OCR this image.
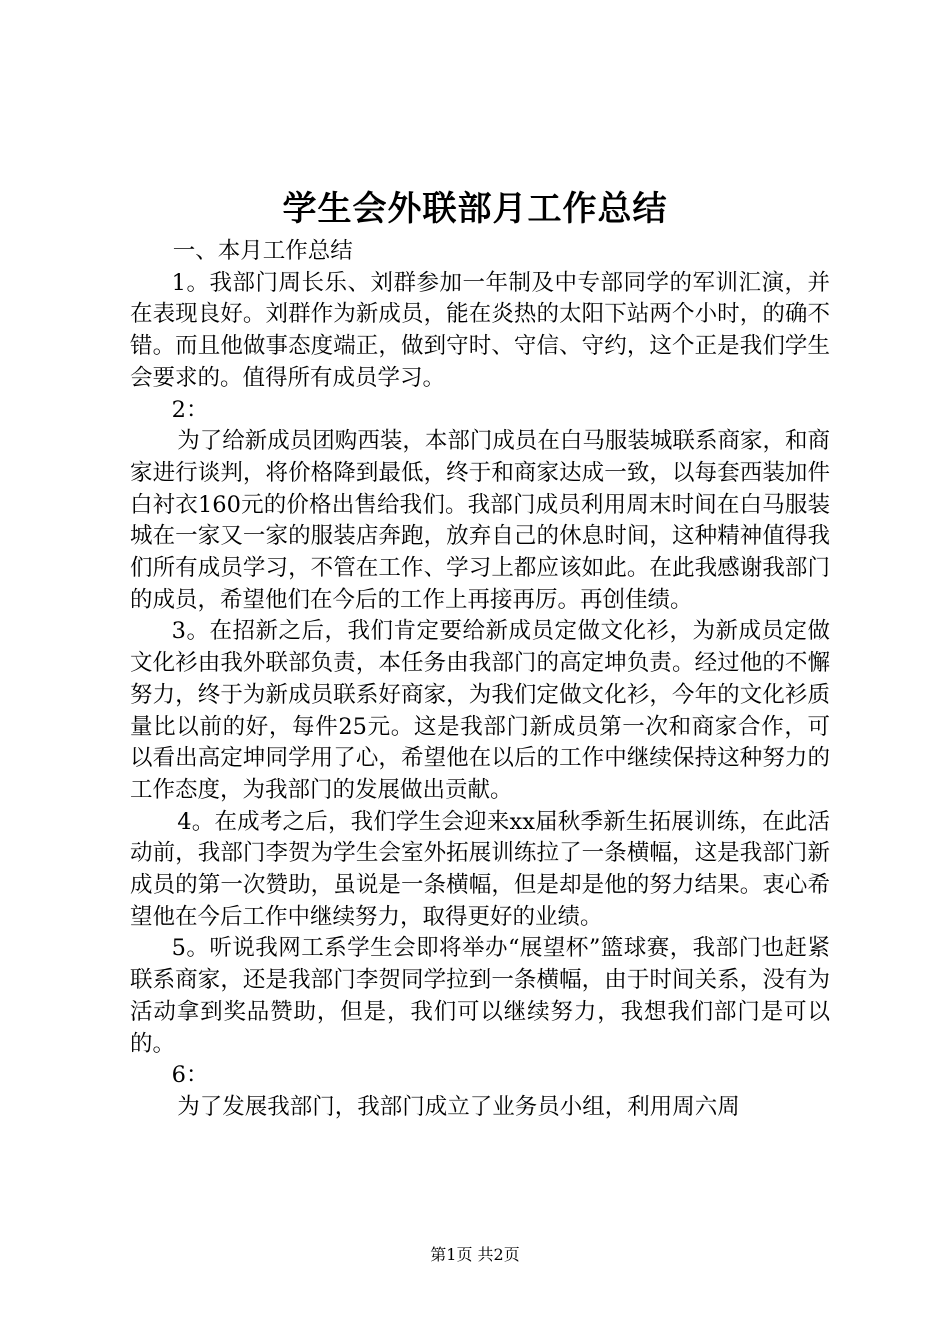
学生会外联部月工作总结

一、本月工作总结

1。我部门周长乐、刘群参加一年制及中专部同学的军训汇演，并在表现良好。刘群作为新成员，能在炎热的太阳下站两个小时，的确不错。而且他做事态度端正，做到守时、守信、守约，这个正是我们学生会要求的。值得所有成员学习。

2：

为了给新成员团购西装，本部门成员在白马服装城联系商家，和商家进行谈判，将价格降到最低，终于和商家达成一致，以每套西装加件白衬衣160元的价格出售给我们。我部门成员利用周末时间在白马服装城在一家又一家的服装店奔跑，放弃自己的休息时间，这种精神值得我们所有成员学习，不管在工作、学习上都应该如此。在此我感谢我部门的成员，希望他们在今后的工作上再接再厉。再创佳绩。

3。在招新之后，我们肯定要给新成员定做文化衫，为新成员定做文化衫由我外联部负责，本任务由我部门的高定坤负责。经过他的不懈努力，终于为新成员联系好商家，为我们定做文化衫，今年的文化衫质量比以前的好，每件25元。这是我部门新成员第一次和商家合作，可以看出高定坤同学用了心，希望他在以后的工作中继续保持这种努力的工作态度，为我部门的发展做出贡献。

4。在成考之后，我们学生会迎来xx届秋季新生拓展训练，在此活动前，我部门李贺为学生会室外拓展训练拉了一条横幅，这是我部门新成员的第一次赞助，虽说是一条横幅，但是却是他的努力结果。衷心希望他在今后工作中继续努力，取得更好的业绩。

5。听说我网工系学生会即将举办“展望杯”篮球赛，我部门也赶紧联系商家，还是我部门李贺同学拉到一条横幅，由于时间关系，没有为活动拿到奖品赞助，但是，我们可以继续努力，我想我们部门是可以的。

6：

为了发展我部门，我部门成立了业务员小组，利用周六周

第1页 共2页
